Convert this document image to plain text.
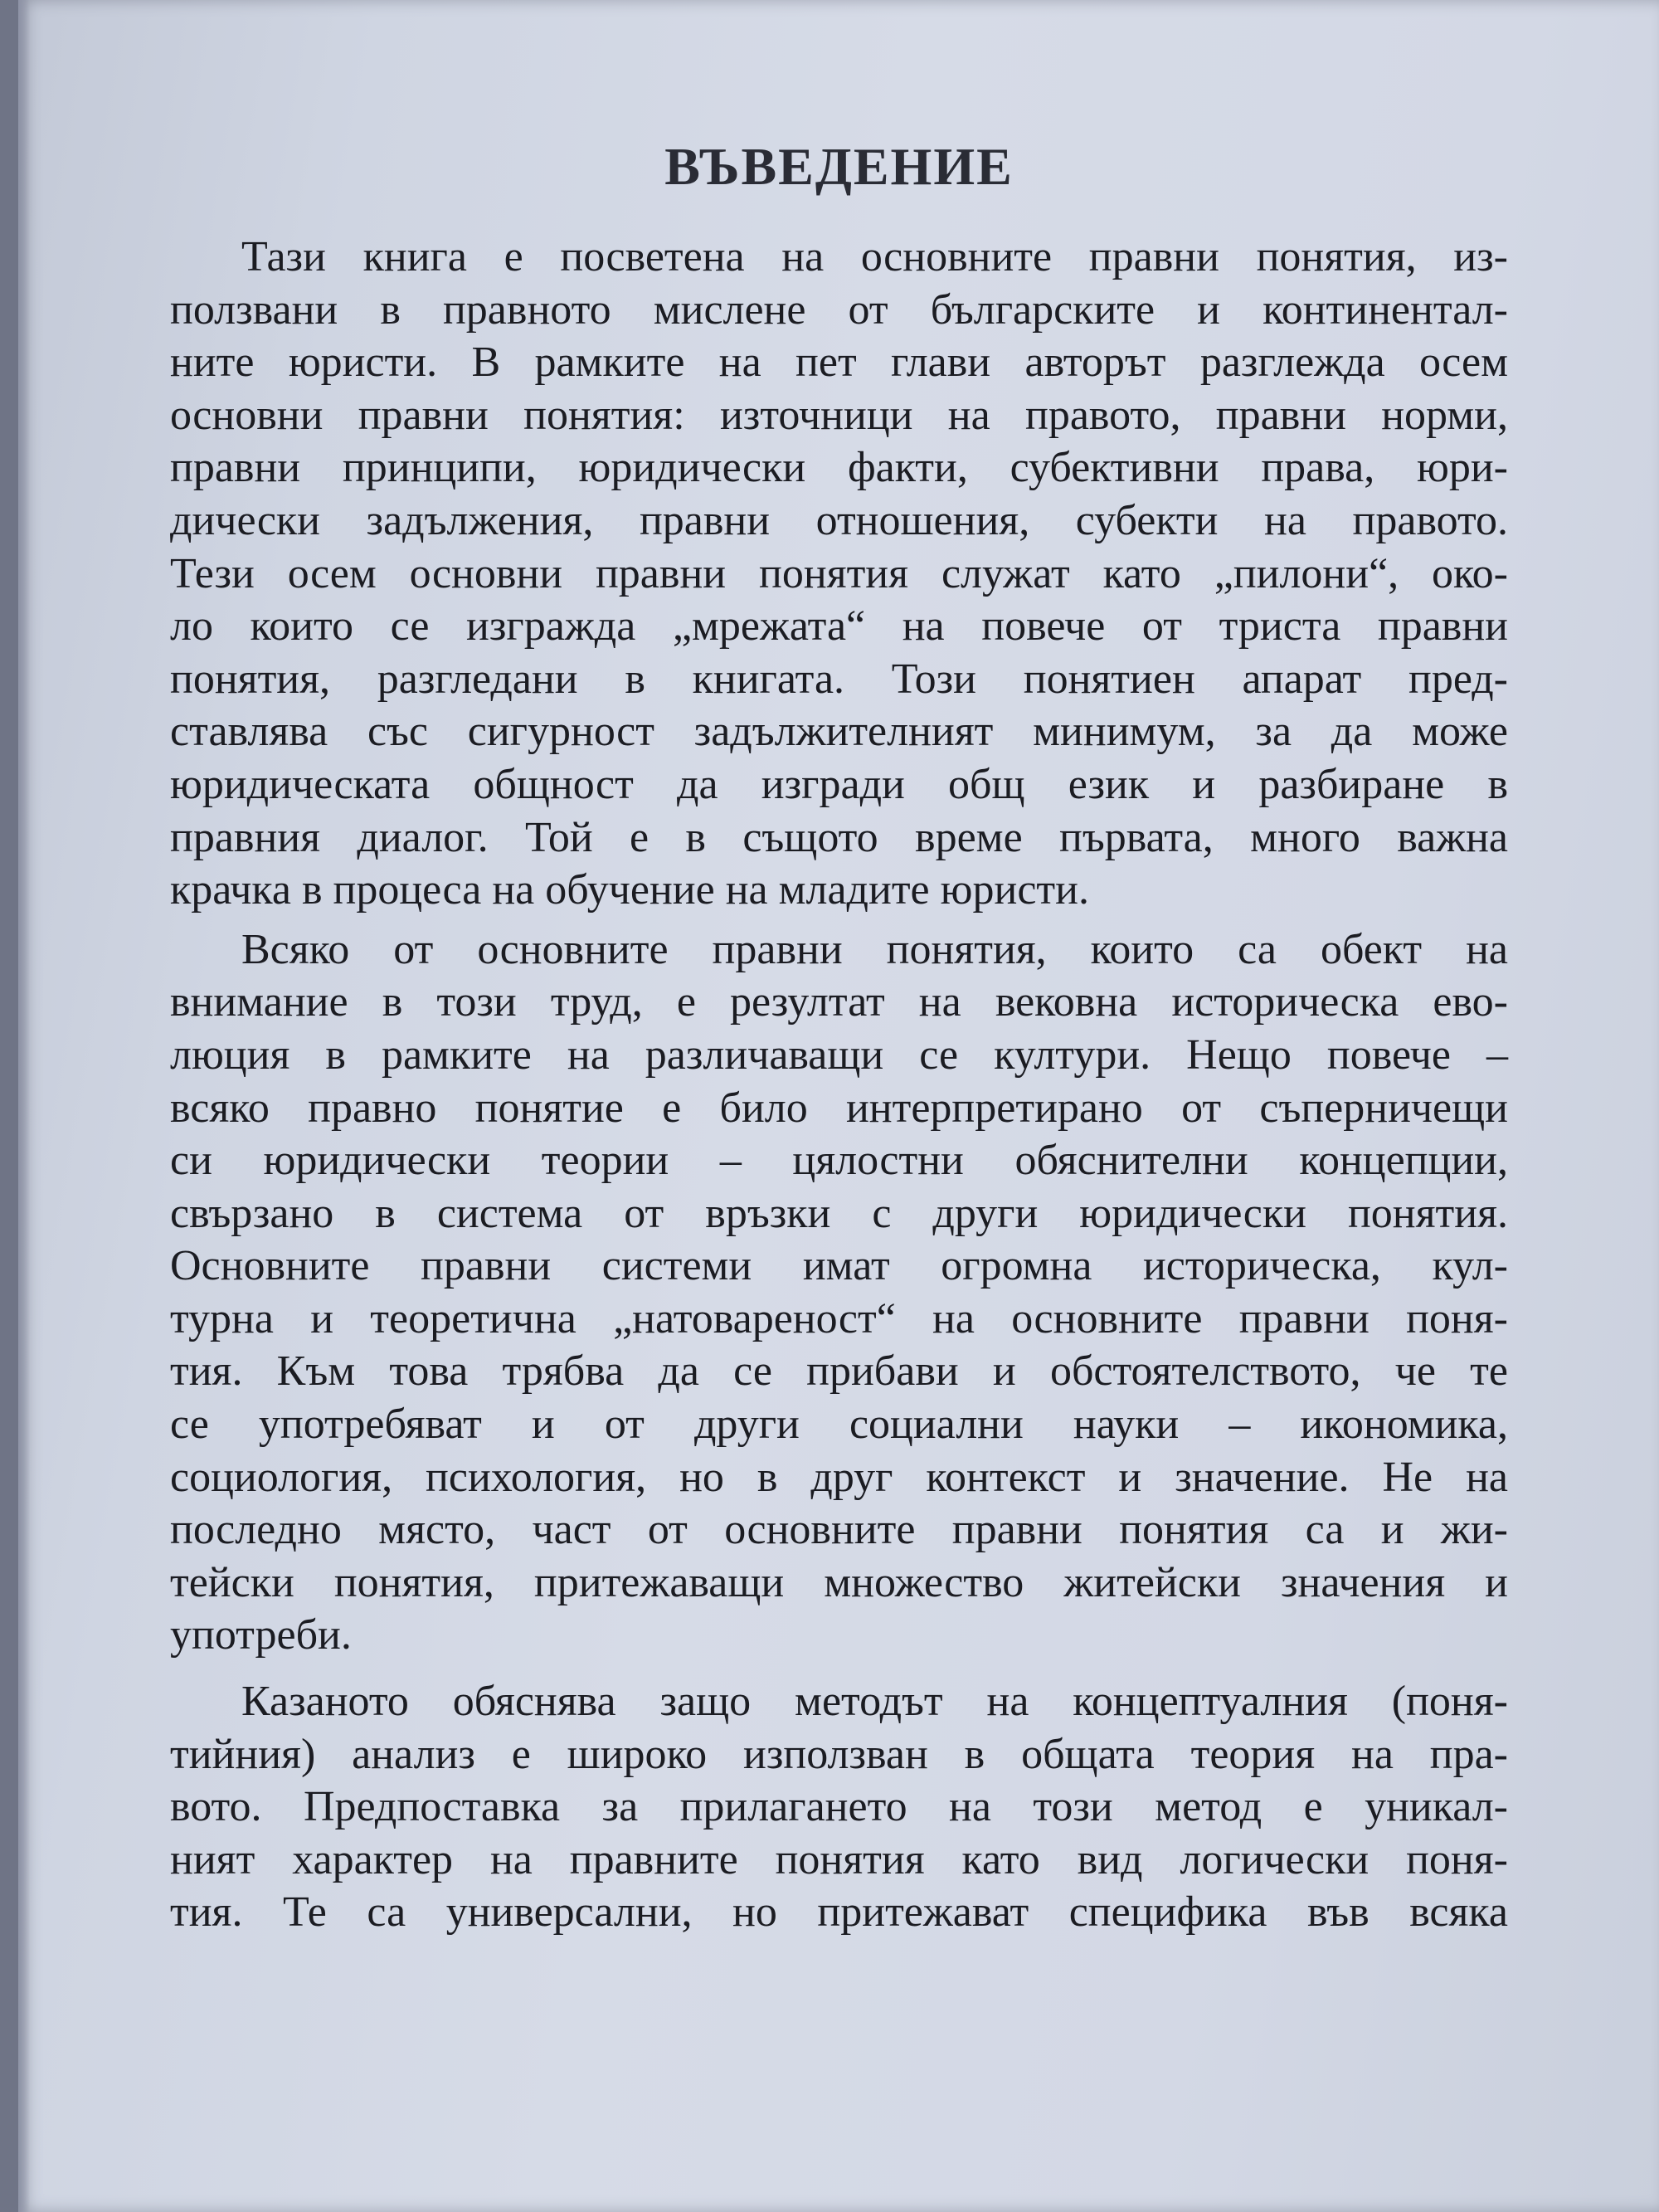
ВЪВЕДЕНИЕ

Тази книга е посветена на основните правни понятия, из-
ползвани в правното мислене от българските и континентал-
ните юристи. В рамките на пет глави авторът разглежда осем
основни правни понятия: източници на правото, правни норми,
правни принципи, юридически факти, субективни права, юри-
дически задължения, правни отношения, субекти на правото.
Тези осем основни правни понятия служат като „пилони“, око-
ло които се изгражда „мрежата“ на повече от триста правни
понятия, разгледани в книгата. Този понятиен апарат пред-
ставлява със сигурност задължителният минимум, за да може
юридическата общност да изгради общ език и разбиране в
правния диалог. Той е в същото време първата, много важна
крачка в процеса на обучение на младите юристи.

Всяко от основните правни понятия, които са обект на
внимание в този труд, е резултат на вековна историческа ево-
люция в рамките на различаващи се култури. Нещо повече –
всяко правно понятие е било интерпретирано от съперничещи
си юридически теории – цялостни обяснителни концепции,
свързано в система от връзки с други юридически понятия.
Основните правни системи имат огромна историческа, кул-
турна и теоретична „натовареност“ на основните правни поня-
тия. Към това трябва да се прибави и обстоятелството, че те
се употребяват и от други социални науки – икономика,
социология, психология, но в друг контекст и значение. Не на
последно място, част от основните правни понятия са и жи-
тейски понятия, притежаващи множество житейски значения и
употреби.

Казаното обяснява защо методът на концептуалния (поня-
тийния) анализ е широко използван в общата теория на пра-
вото. Предпоставка за прилагането на този метод е уникал-
ният характер на правните понятия като вид логически поня-
тия. Те са универсални, но притежават специфика във всяка
